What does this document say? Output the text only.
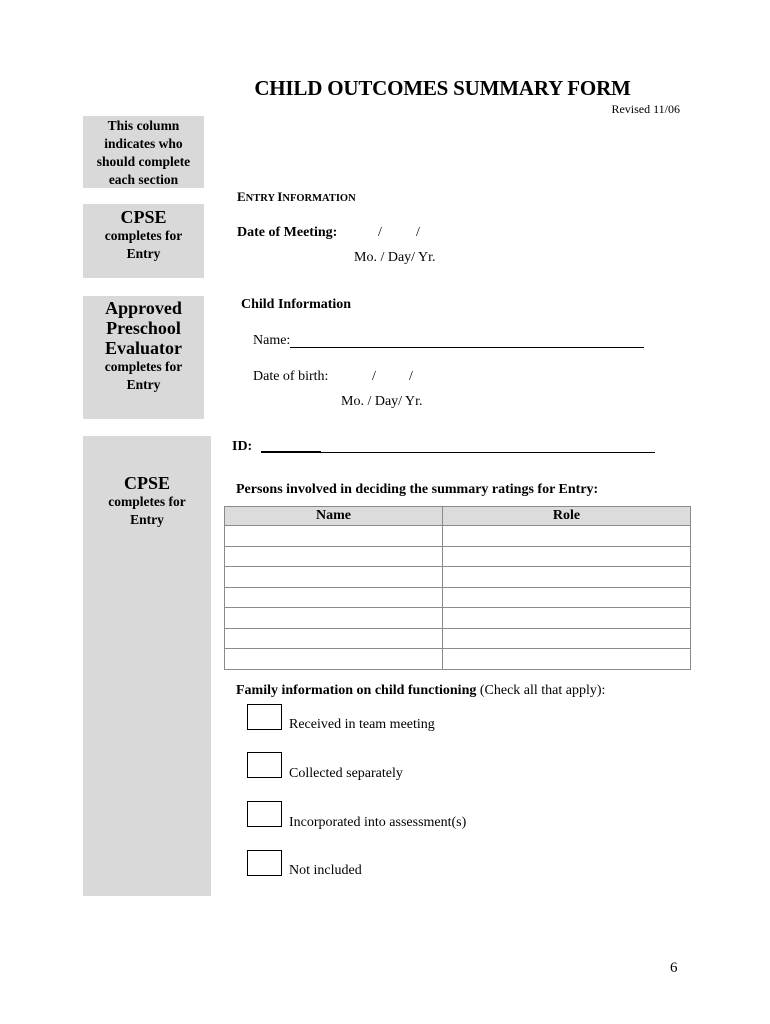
CHILD OUTCOMES SUMMARY FORM
Revised 11/06
This column
indicates who
should complete
each section
CPSE
completes for
Entry
Approved
Preschool
Evaluator
completes for
Entry
CPSE
completes for
Entry
ENTRY INFORMATION
Date of Meeting:	/ /
Mo. / Day/ Yr.
Child Information
Name:
Date of birth:	/ /
Mo. / Day/ Yr.
ID:
Persons involved in deciding the summary ratings for Entry:
Name	Role

Family information on child functioning (Check all that apply):
Received in team meeting
Collected separately
Incorporated into assessment(s)
Not included
6
